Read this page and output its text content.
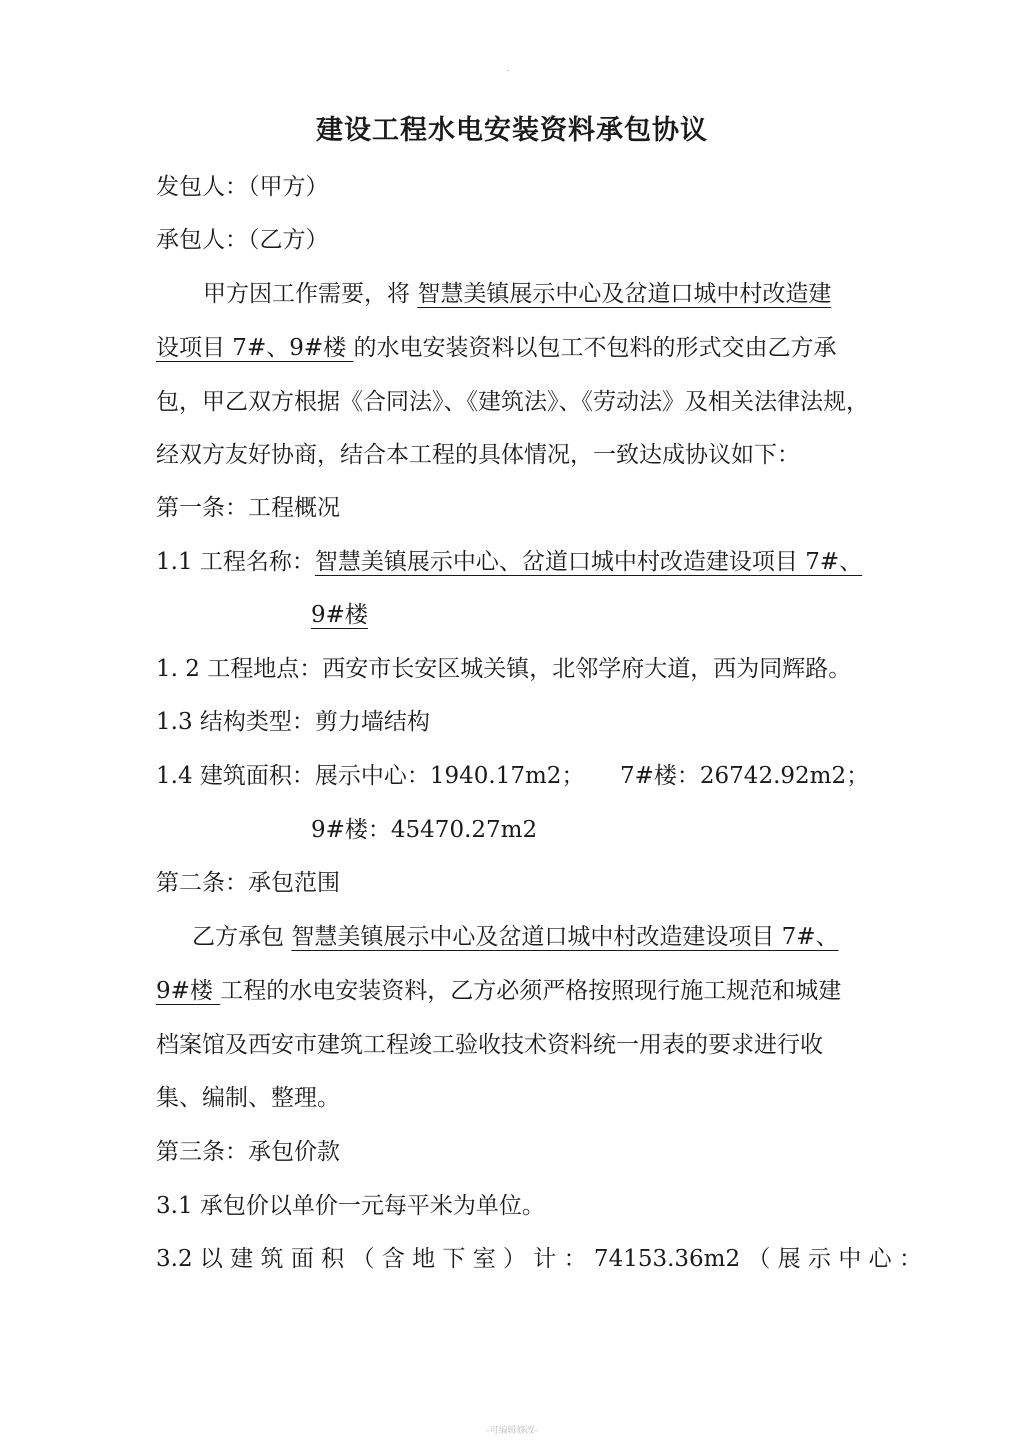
建设工程水电安装资料承包协议
发包人：（甲方）
承包人：（乙方）
甲方因工作需要，将 智慧美镇展示中心及岔道口城中村改造建
设项目 7#、9#楼 的水电安装资料以包工不包料的形式交由乙方承
包，甲乙双方根据《合同法》、《建筑法》、《劳动法》及相关法律法规，
经双方友好协商，结合本工程的具体情况，一致达成协议如下：
第一条：工程概况
1.1 工程名称：智慧美镇展示中心、岔道口城中村改造建设项目 7#、
9#楼
1. 2 工程地点：西安市长安区城关镇，北邻学府大道，西为同辉路。
1.3 结构类型：剪力墙结构
1.4 建筑面积：展示中心：1940.17m2； 7#楼：26742.92m2；
9#楼：45470.27m2
第二条：承包范围
乙方承包 智慧美镇展示中心及岔道口城中村改造建设项目 7#、
9#楼 工程的水电安装资料，乙方必须严格按照现行施工规范和城建
档案馆及西安市建筑工程竣工验收技术资料统一用表的要求进行收
集、编制、整理。
第三条：承包价款
3.1 承包价以单价一元每平米为单位。
3.2 以 建 筑 面 积 （ 含 地 下 室 ） 计 ： 74153.36m2 （ 展 示 中 心 ：
-可编辑修改-
